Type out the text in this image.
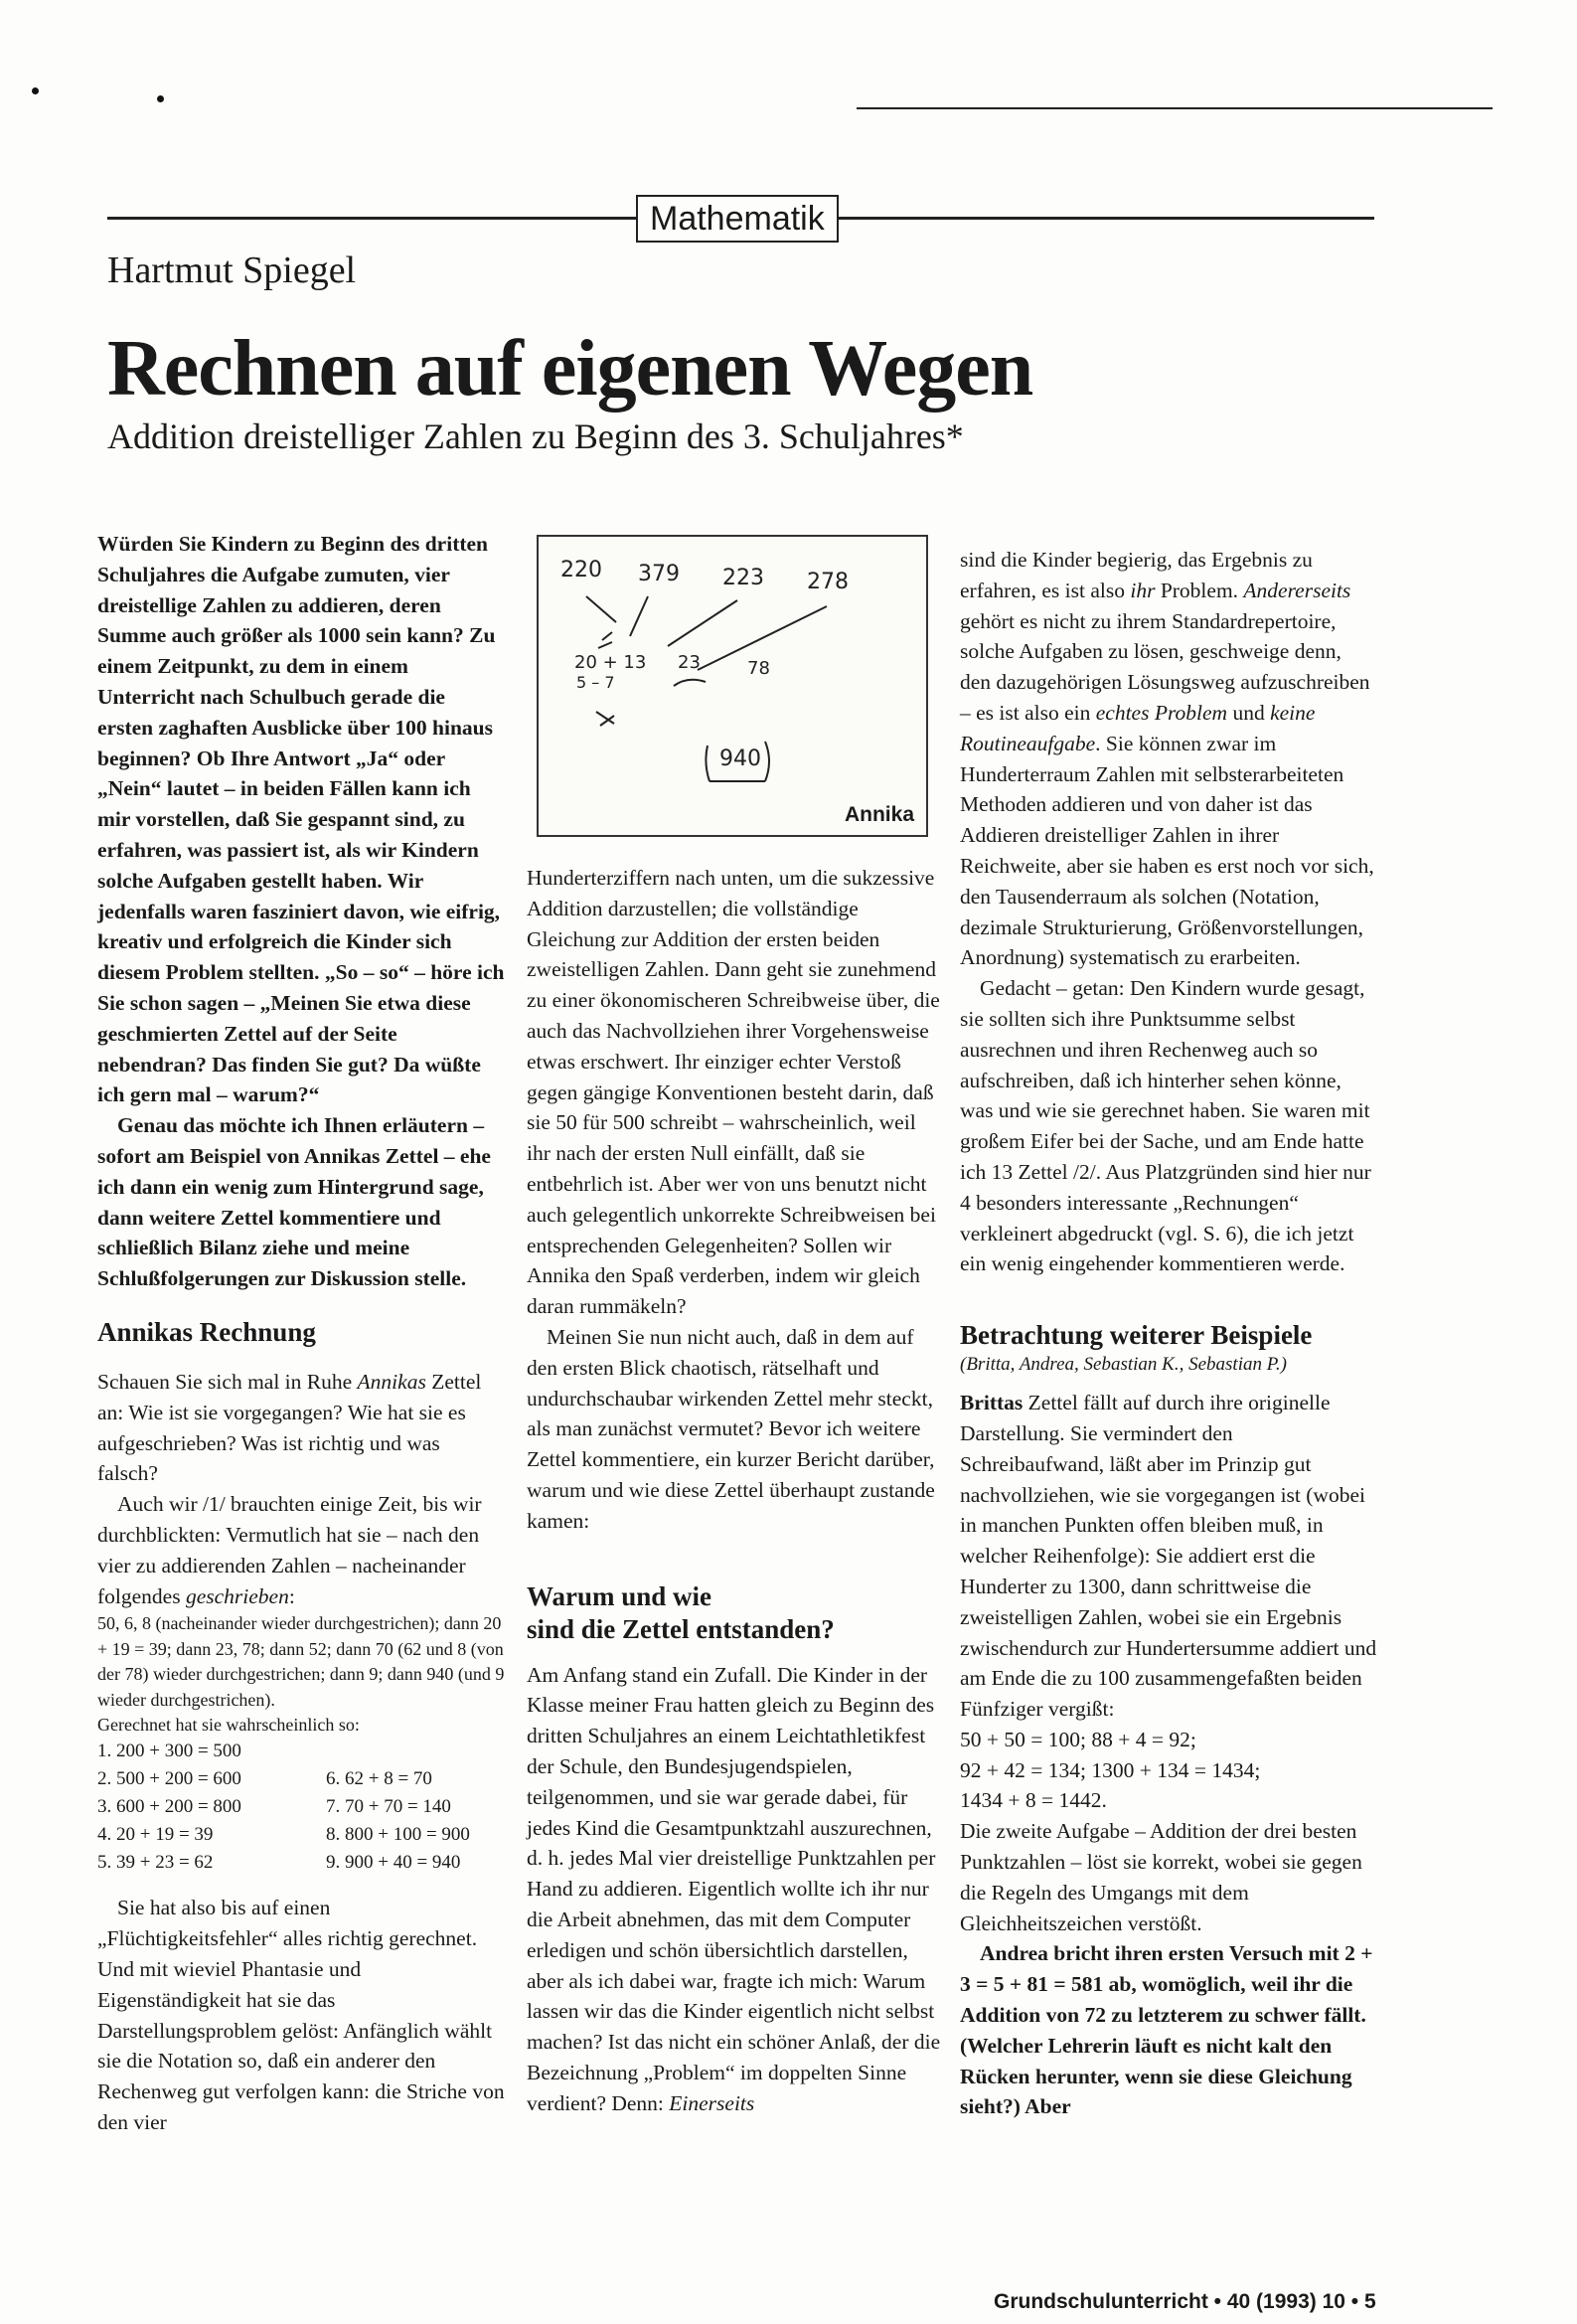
Mathematik
Hartmut Spiegel
Rechnen auf eigenen Wegen
Addition dreistelliger Zahlen zu Beginn des 3. Schuljahres*

Würden Sie Kindern zu Beginn des dritten Schuljahres die Aufgabe zumuten, vier dreistellige Zahlen zu addieren, deren Summe auch größer als 1000 sein kann? Zu einem Zeitpunkt, zu dem in einem Unterricht nach Schulbuch gerade die ersten zaghaften Ausblicke über 100 hinaus beginnen? Ob Ihre Antwort „Ja“ oder „Nein“ lautet – in beiden Fällen kann ich mir vorstellen, daß Sie gespannt sind, zu erfahren, was passiert ist, als wir Kindern solche Aufgaben gestellt haben. Wir jedenfalls waren fasziniert davon, wie eifrig, kreativ und erfolgreich die Kinder sich diesem Problem stellten. „So – so“ – höre ich Sie schon sagen – „Meinen Sie etwa diese geschmierten Zettel auf der Seite nebendran? Das finden Sie gut? Da wüßte ich gern mal – warum?“

Genau das möchte ich Ihnen erläutern – sofort am Beispiel von Annikas Zettel – ehe ich dann ein wenig zum Hintergrund sage, dann weitere Zettel kommentiere und schließlich Bilanz ziehe und meine Schlußfolgerungen zur Diskussion stelle.

Annikas Rechnung

Schauen Sie sich mal in Ruhe Annikas Zettel an: Wie ist sie vorgegangen? Wie hat sie es aufgeschrieben? Was ist richtig und was falsch?

Auch wir /1/ brauchten einige Zeit, bis wir durchblickten: Vermutlich hat sie – nach den vier zu addierenden Zahlen – nacheinander folgendes geschrieben:

50, 6, 8 (nacheinander wieder durchgestrichen); dann 20 + 19 = 39; dann 23, 78; dann 52; dann 70 (62 und 8 (von der 78) wieder durchgestrichen; dann 9; dann 940 (und 9 wieder durchgestrichen).

Gerechnet hat sie wahrscheinlich so:

1. 200 + 300 = 500
2. 500 + 200 = 600	6. 62 + 8 = 70
3. 600 + 200 = 800	7. 70 + 70 = 140
4. 20 + 19 = 39	8. 800 + 100 = 900
5. 39 + 23 = 62	9. 900 + 40 = 940

Sie hat also bis auf einen „Flüchtigkeitsfehler“ alles richtig gerechnet. Und mit wieviel Phantasie und Eigenständigkeit hat sie das Darstellungsproblem gelöst: Anfänglich wählt sie die Notation so, daß ein anderer den Rechenweg gut verfolgen kann: die Striche von den vier

220 379 223 278
20 + 13 23	78
5 – 7
940
Annika

Hunderterziffern nach unten, um die sukzessive Addition darzustellen; die vollständige Gleichung zur Addition der ersten beiden zweistelligen Zahlen. Dann geht sie zunehmend zu einer ökonomischeren Schreibweise über, die auch das Nachvollziehen ihrer Vorgehensweise etwas erschwert. Ihr einziger echter Verstoß gegen gängige Konventionen besteht darin, daß sie 50 für 500 schreibt – wahrscheinlich, weil ihr nach der ersten Null einfällt, daß sie entbehrlich ist. Aber wer von uns benutzt nicht auch gelegentlich unkorrekte Schreibweisen bei entsprechenden Gelegenheiten? Sollen wir Annika den Spaß verderben, indem wir gleich daran rummäkeln?

Meinen Sie nun nicht auch, daß in dem auf den ersten Blick chaotisch, rätselhaft und undurchschaubar wirkenden Zettel mehr steckt, als man zunächst vermutet? Bevor ich weitere Zettel kommentiere, ein kurzer Bericht darüber, warum und wie diese Zettel überhaupt zustande kamen:

Warum und wie
sind die Zettel entstanden?

Am Anfang stand ein Zufall. Die Kinder in der Klasse meiner Frau hatten gleich zu Beginn des dritten Schuljahres an einem Leichtathletikfest der Schule, den Bundesjugendspielen, teilgenommen, und sie war gerade dabei, für jedes Kind die Gesamtpunktzahl auszurechnen, d. h. jedes Mal vier dreistellige Punktzahlen per Hand zu addieren. Eigentlich wollte ich ihr nur die Arbeit abnehmen, das mit dem Computer erledigen und schön übersichtlich darstellen, aber als ich dabei war, fragte ich mich: Warum lassen wir das die Kinder eigentlich nicht selbst machen? Ist das nicht ein schöner Anlaß, der die Bezeichnung „Problem“ im doppelten Sinne verdient? Denn: Einerseits

sind die Kinder begierig, das Ergebnis zu erfahren, es ist also ihr Problem. Andererseits gehört es nicht zu ihrem Standardrepertoire, solche Aufgaben zu lösen, geschweige denn, den dazugehörigen Lösungsweg aufzuschreiben – es ist also ein echtes Problem und keine Routineaufgabe. Sie können zwar im Hunderterraum Zahlen mit selbsterarbeiteten Methoden addieren und von daher ist das Addieren dreistelliger Zahlen in ihrer Reichweite, aber sie haben es erst noch vor sich, den Tausenderraum als solchen (Notation, dezimale Strukturierung, Größenvorstellungen, Anordnung) systematisch zu erarbeiten.

Gedacht – getan: Den Kindern wurde gesagt, sie sollten sich ihre Punktsumme selbst ausrechnen und ihren Rechenweg auch so aufschreiben, daß ich hinterher sehen könne, was und wie sie gerechnet haben. Sie waren mit großem Eifer bei der Sache, und am Ende hatte ich 13 Zettel /2/. Aus Platzgründen sind hier nur 4 besonders interessante „Rechnungen“ verkleinert abgedruckt (vgl. S. 6), die ich jetzt ein wenig eingehender kommentieren werde.

Betrachtung weiterer Beispiele
(Britta, Andrea, Sebastian K., Sebastian P.)

Brittas Zettel fällt auf durch ihre originelle Darstellung. Sie vermindert den Schreibaufwand, läßt aber im Prinzip gut nachvollziehen, wie sie vorgegangen ist (wobei in manchen Punkten offen bleiben muß, in welcher Reihenfolge): Sie addiert erst die Hunderter zu 1300, dann schrittweise die zweistelligen Zahlen, wobei sie ein Ergebnis zwischendurch zur Hundertersumme addiert und am Ende die zu 100 zusammengefaßten beiden Fünfziger vergißt:

50 + 50 = 100; 88 + 4 = 92;

92 + 42 = 134; 1300 + 134 = 1434;

1434 + 8 = 1442.

Die zweite Aufgabe – Addition der drei besten Punktzahlen – löst sie korrekt, wobei sie gegen die Regeln des Umgangs mit dem Gleichheitszeichen verstößt.

Andrea bricht ihren ersten Versuch mit 2 + 3 = 5 + 81 = 581 ab, womöglich, weil ihr die Addition von 72 zu letzterem zu schwer fällt. (Welcher Lehrerin läuft es nicht kalt den Rücken herunter, wenn sie diese Gleichung sieht?) Aber

Grundschulunterricht • 40 (1993) 10 • 5
